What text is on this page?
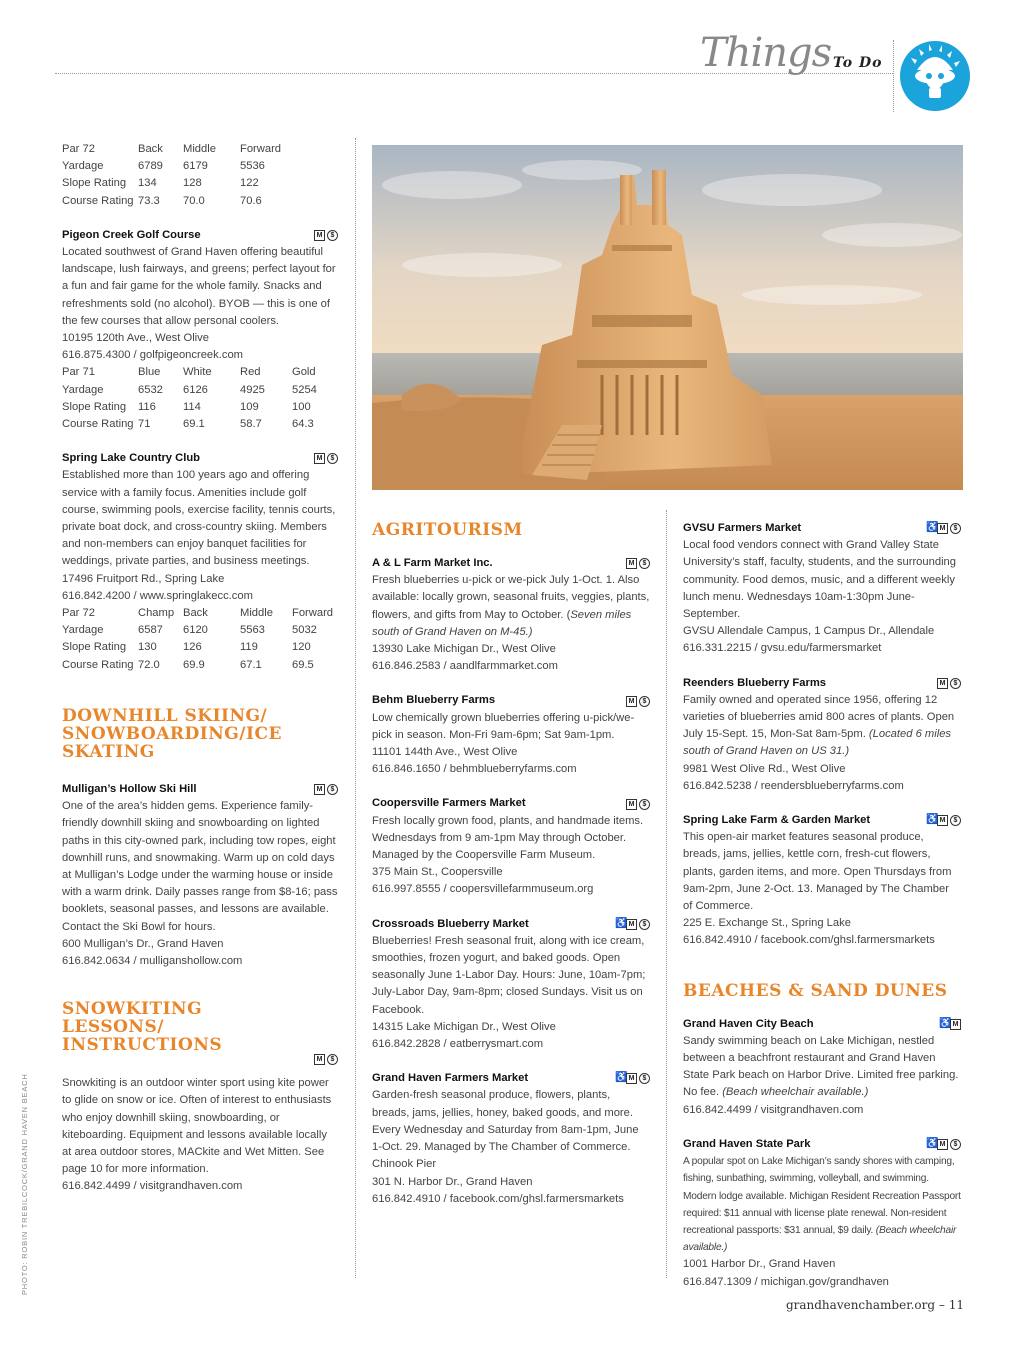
Things To Do
Par 72	Back	Middle	Forward
Yardage	6789	6179	5536
Slope Rating	134	128	122
Course Rating	73.3	70.0	70.6
Pigeon Creek Golf Course	M	$
Located southwest of Grand Haven offering beautiful landscape, lush fairways, and greens; perfect layout for a fun and fair game for the whole family. Snacks and refreshments sold (no alcohol). BYOB — this is one of the few courses that allow personal coolers.
10195 120th Ave., West Olive
616.875.4300 / golfpigeoncreek.com
Par 71	Blue	White	Red	Gold
Yardage	6532	6126	4925	5254
Slope Rating	116	114	109	100
Course Rating	71	69.1	58.7	64.3
Spring Lake Country Club	M	$
Established more than 100 years ago and offering service with a family focus. Amenities include golf course, swimming pools, exercise facility, tennis courts, private boat dock, and cross-country skiing. Members and non-members can enjoy banquet facilities for weddings, private parties, and business meetings.
17496 Fruitport Rd., Spring Lake
616.842.4200 / www.springlakecc.com
Par 72	Champ	Back	Middle	Forward
Yardage	6587	6120	5563	5032
Slope Rating	130	126	119	120
Course Rating	72.0	69.9	67.1	69.5
DOWNHILL SKIING/ SNOWBOARDING/ICE SKATING
Mulligan’s Hollow Ski Hill	M	$
One of the area’s hidden gems. Experience family-friendly downhill skiing and snowboarding on lighted paths in this city-owned park, including tow ropes, eight downhill runs, and snowmaking. Warm up on cold days at Mulligan’s Lodge under the warming house or inside with a warm drink. Daily passes range from $8-16; pass booklets, seasonal passes, and lessons are available. Contact the Ski Bowl for hours.
600 Mulligan’s Dr., Grand Haven
616.842.0634 / mulliganshollow.com
SNOWKITING LESSONS/ INSTRUCTIONS
M	$
Snowkiting is an outdoor winter sport using kite power to glide on snow or ice. Often of interest to enthusiasts who enjoy downhill skiing, snowboarding, or kiteboarding. Equipment and lessons available locally at area outdoor stores, MACkite and Wet Mitten. See page 10 for more information.
616.842.4499 / visitgrandhaven.com
AGRITOURISM
A & L Farm Market Inc.	M	$
Fresh blueberries u-pick or we-pick July 1-Oct. 1. Also available: locally grown, seasonal fruits, veggies, plants, flowers, and gifts from May to October. (Seven miles south of Grand Haven on M-45.)
13930 Lake Michigan Dr., West Olive
616.846.2583 / aandlfarmmarket.com
Behm Blueberry Farms	M	$
Low chemically grown blueberries offering u-pick/we-pick in season. Mon-Fri 9am-6pm; Sat 9am-1pm.
11101 144th Ave., West Olive
616.846.1650 / behmblueberryfarms.com
Coopersville Farmers Market	M	$
Fresh locally grown food, plants, and handmade items. Wednesdays from 9 am-1pm May through October. Managed by the Coopersville Farm Museum.
375 Main St., Coopersville
616.997.8555 / coopersvillefarmmuseum.org
Crossroads Blueberry Market	♿ M	$
Blueberries! Fresh seasonal fruit, along with ice cream, smoothies, frozen yogurt, and baked goods. Open seasonally June 1-Labor Day. Hours: June, 10am-7pm; July-Labor Day, 9am-8pm; closed Sundays. Visit us on Facebook.
14315 Lake Michigan Dr., West Olive
616.842.2828 / eatberrysmart.com
Grand Haven Farmers Market	♿ M	$
Garden-fresh seasonal produce, flowers, plants, breads, jams, jellies, honey, baked goods, and more. Every Wednesday and Saturday from 8am-1pm, June 1-Oct. 29. Managed by The Chamber of Commerce.
Chinook Pier
301 N. Harbor Dr., Grand Haven
616.842.4910 / facebook.com/ghsl.farmersmarkets
GVSU Farmers Market	♿ M	$
Local food vendors connect with Grand Valley State University’s staff, faculty, students, and the surrounding community. Food demos, music, and a different weekly lunch menu. Wednesdays 10am-1:30pm June-September.
GVSU Allendale Campus, 1 Campus Dr., Allendale
616.331.2215 / gvsu.edu/farmersmarket
Reenders Blueberry Farms	M	$
Family owned and operated since 1956, offering 12 varieties of blueberries amid 800 acres of plants. Open July 15-Sept. 15, Mon-Sat 8am-5pm. (Located 6 miles south of Grand Haven on US 31.)
9981 West Olive Rd., West Olive
616.842.5238 / reendersblueberryfarms.com
Spring Lake Farm & Garden Market	♿ M	$
This open-air market features seasonal produce, breads, jams, jellies, kettle corn, fresh-cut flowers, plants, garden items, and more. Open Thursdays from 9am-2pm, June 2-Oct. 13. Managed by The Chamber of Commerce.
225 E. Exchange St., Spring Lake
616.842.4910 / facebook.com/ghsl.farmersmarkets
BEACHES & SAND DUNES
Grand Haven City Beach	♿ M
Sandy swimming beach on Lake Michigan, nestled between a beachfront restaurant and Grand Haven State Park beach on Harbor Drive. Limited free parking. No fee. (Beach wheelchair available.)
616.842.4499 / visitgrandhaven.com
Grand Haven State Park	♿ M	$
A popular spot on Lake Michigan’s sandy shores with camping, fishing, sunbathing, swimming, volleyball, and swimming. Modern lodge available. Michigan Resident Recreation Passport required: $11 annual with license plate renewal. Non-resident recreational passports: $31 annual, $9 daily. (Beach wheelchair available.)
1001 Harbor Dr., Grand Haven
616.847.1309 / michigan.gov/grandhaven
PHOTO: ROBIN TREBILCOCK/GRAND HAVEN BEACH
grandhavenchamber.org – 11
